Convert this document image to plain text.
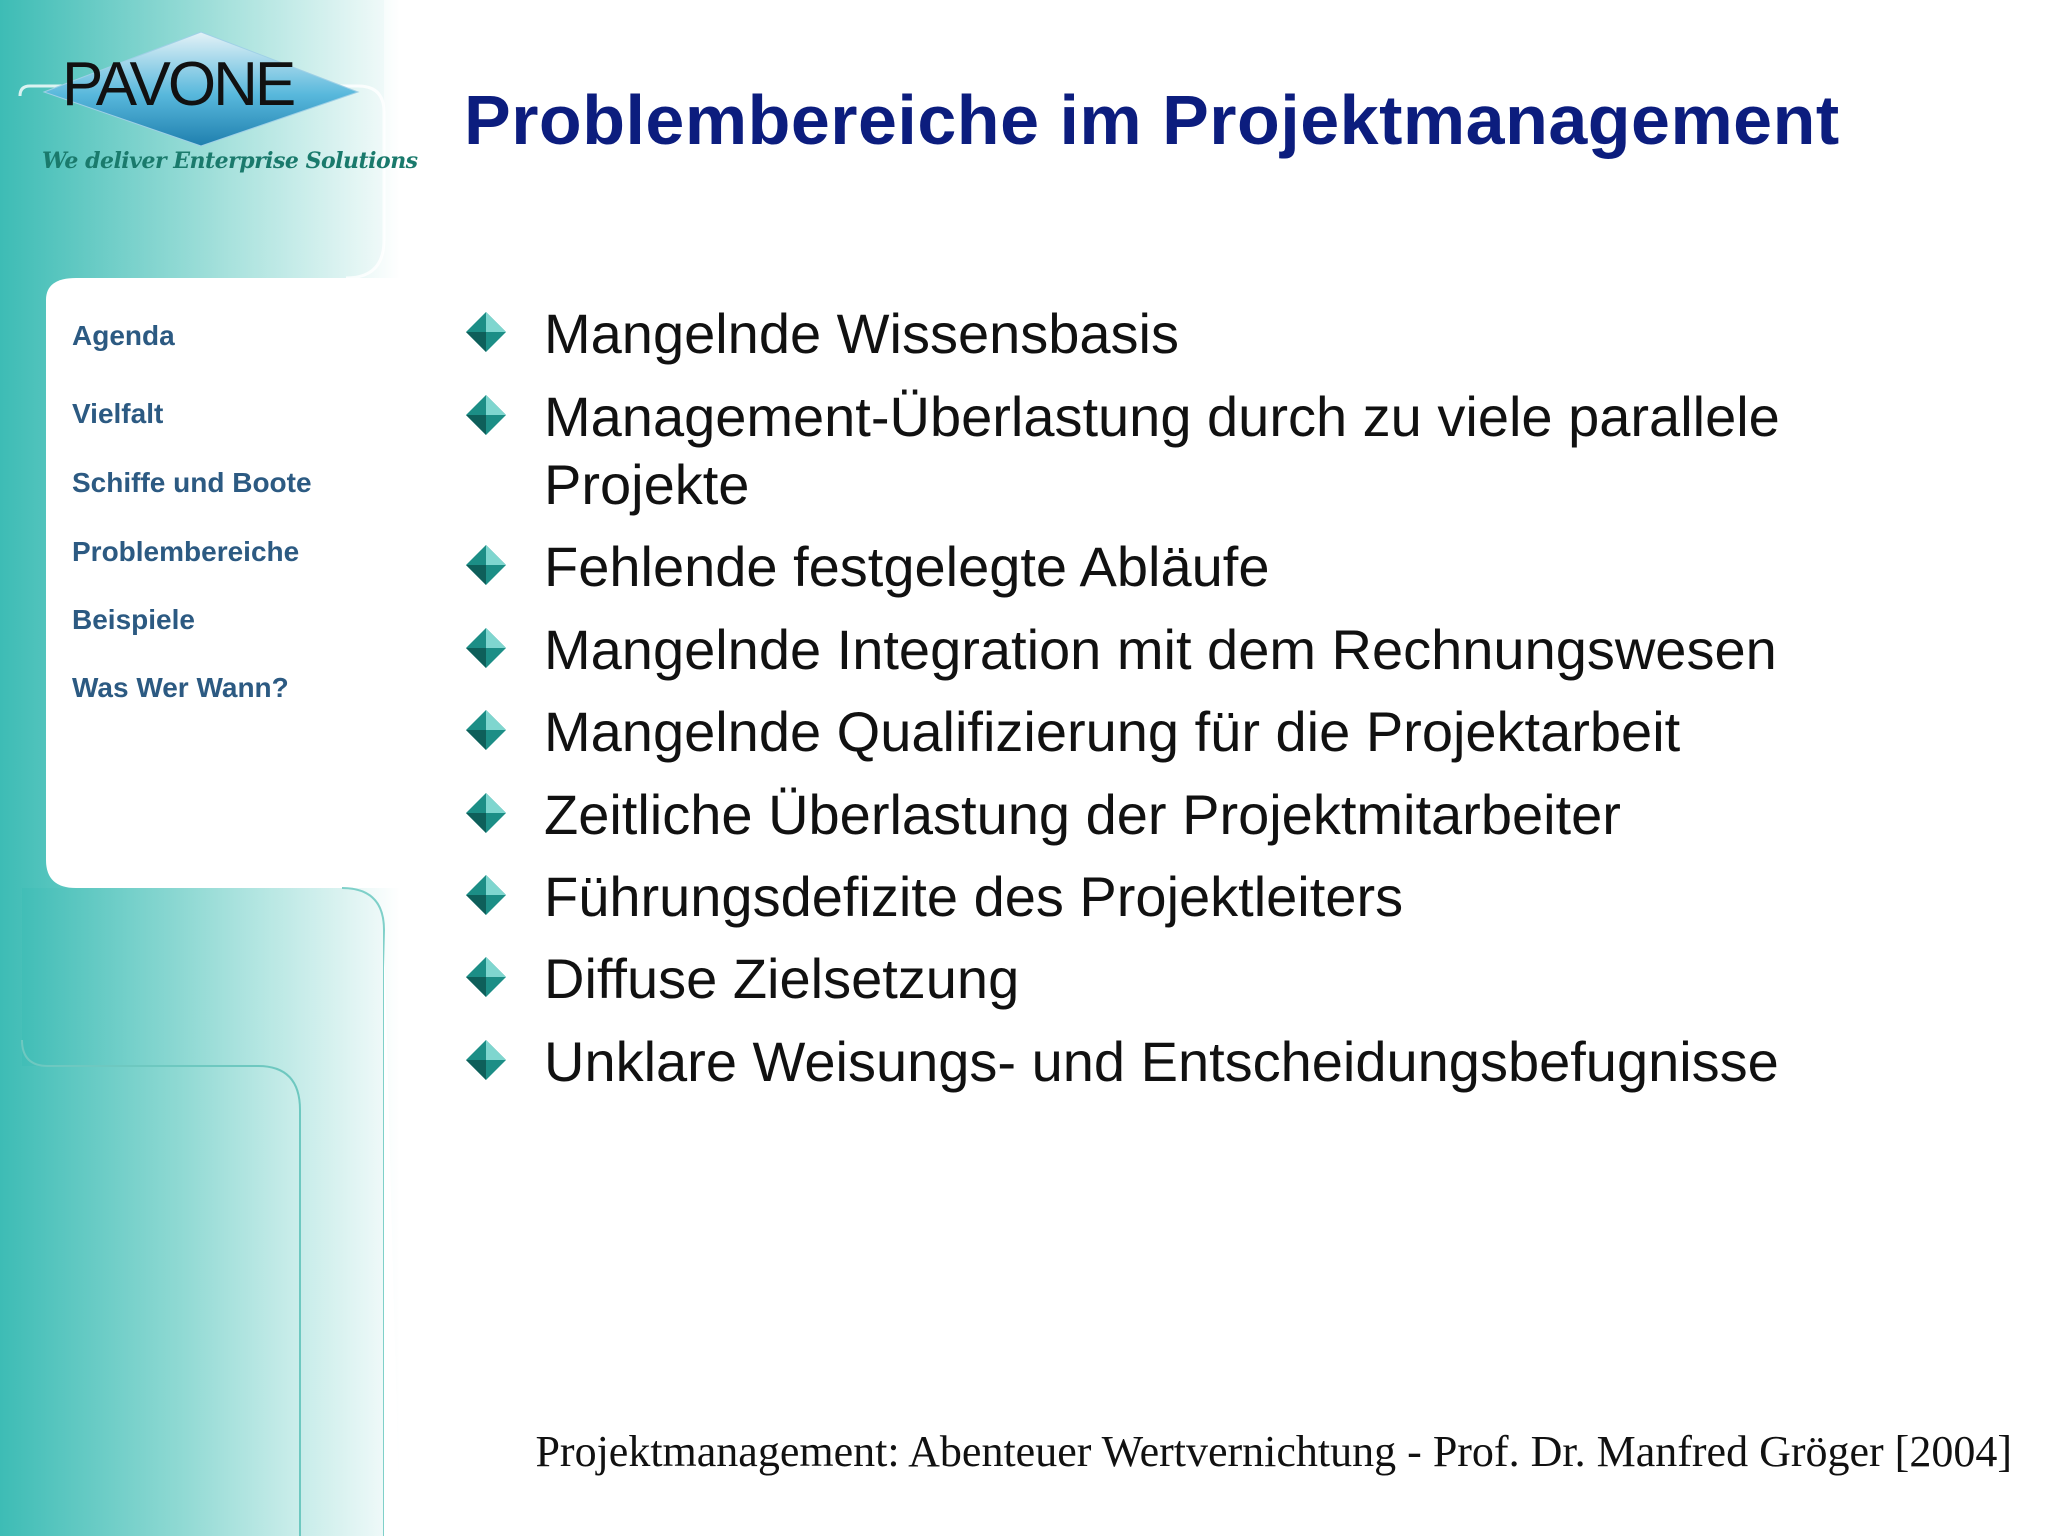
PAVONE
We deliver Enterprise Solutions
Agenda
Vielfalt
Schiffe und Boote
Problembereiche
Beispiele
Was Wer Wann?
Problembereiche im Projektmanagement
Mangelnde Wissensbasis
Management-Überlastung durch zu viele parallele Projekte
Fehlende festgelegte Abläufe
Mangelnde Integration mit dem Rechnungswesen
Mangelnde Qualifizierung für die Projektarbeit
Zeitliche Überlastung der Projektmitarbeiter
Führungsdefizite des Projektleiters
Diffuse Zielsetzung
Unklare Weisungs- und Entscheidungsbefugnisse
Projektmanagement: Abenteuer Wertvernichtung - Prof. Dr. Manfred Gröger [2004]
